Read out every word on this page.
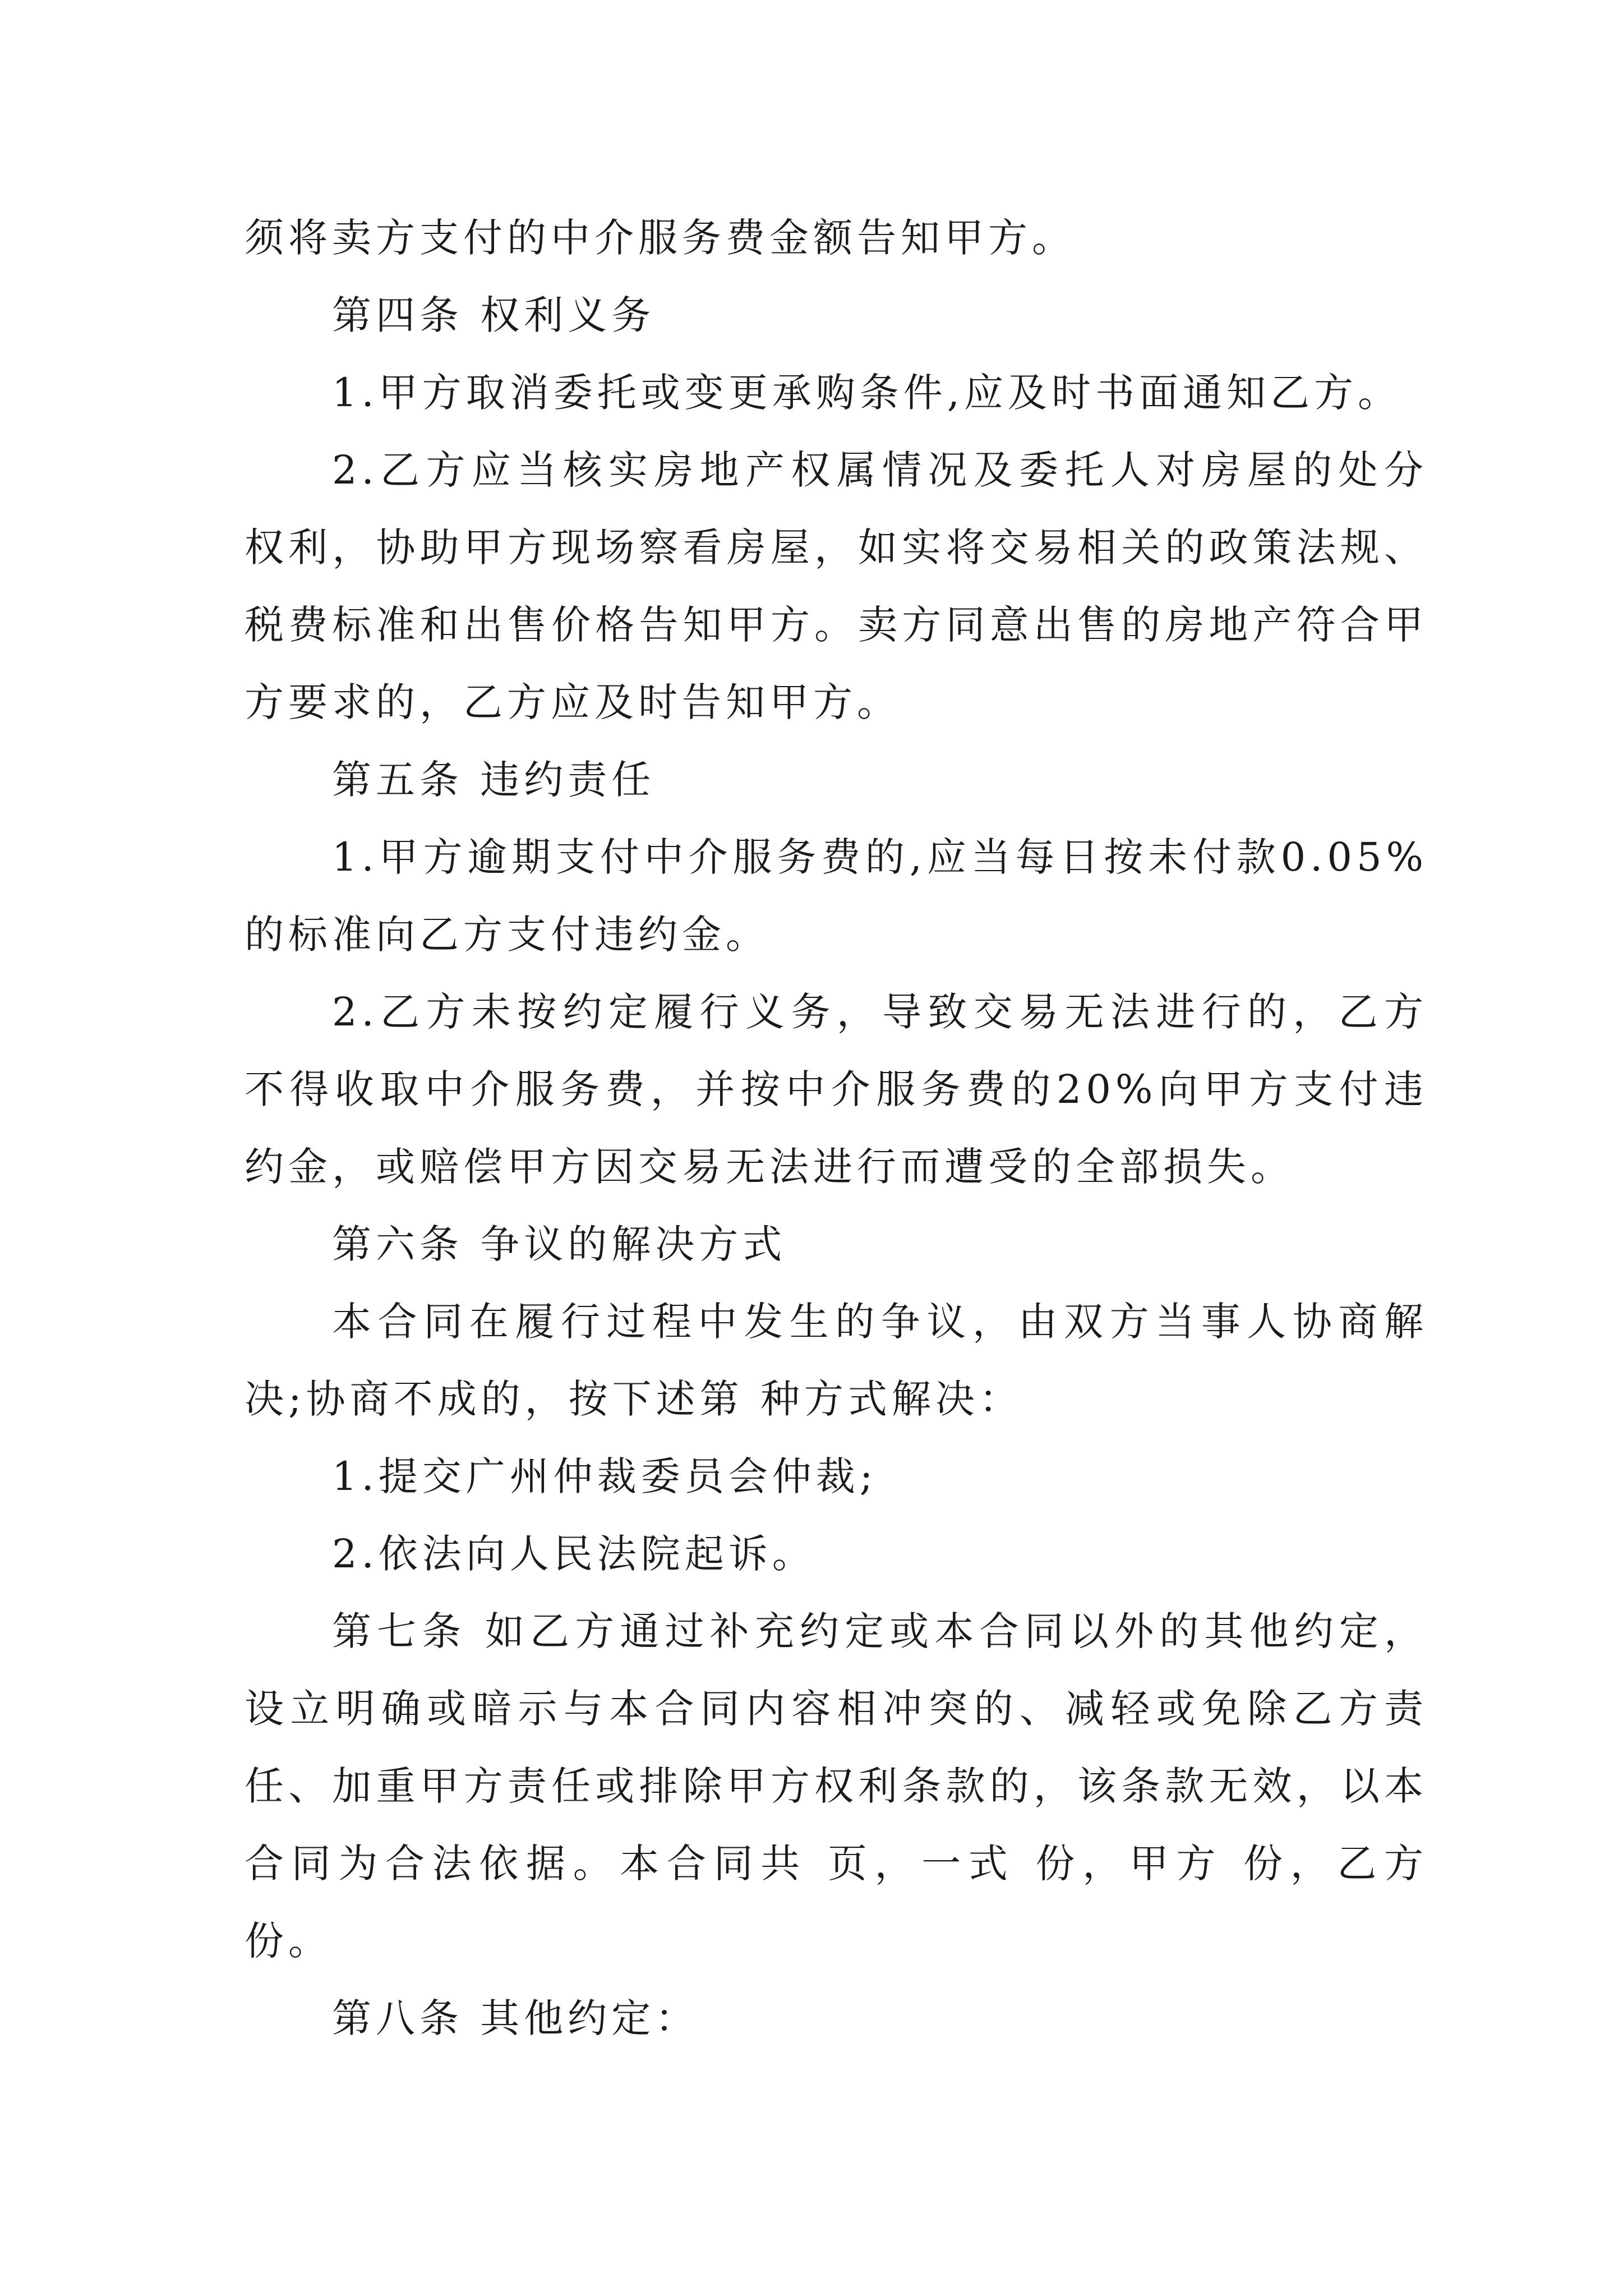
须将卖方支付的中介服务费金额告知甲方。

第四条 权利义务

1.甲方取消委托或变更承购条件,应及时书面通知乙方。

2.乙方应当核实房地产权属情况及委托人对房屋的处分权利，协助甲方现场察看房屋，如实将交易相关的政策法规、税费标准和出售价格告知甲方。卖方同意出售的房地产符合甲方要求的，乙方应及时告知甲方。

第五条 违约责任

1.甲方逾期支付中介服务费的,应当每日按未付款0.05%的标准向乙方支付违约金。

2.乙方未按约定履行义务，导致交易无法进行的，乙方不得收取中介服务费，并按中介服务费的20%向甲方支付违约金，或赔偿甲方因交易无法进行而遭受的全部损失。

第六条 争议的解决方式

本合同在履行过程中发生的争议，由双方当事人协商解决;协商不成的，按下述第 种方式解决：

1.提交广州仲裁委员会仲裁;

2.依法向人民法院起诉。

第七条 如乙方通过补充约定或本合同以外的其他约定，设立明确或暗示与本合同内容相冲突的、减轻或免除乙方责任、加重甲方责任或排除甲方权利条款的，该条款无效，以本合同为合法依据。本合同共 页，一式 份，甲方 份，乙方 份。

第八条 其他约定：
